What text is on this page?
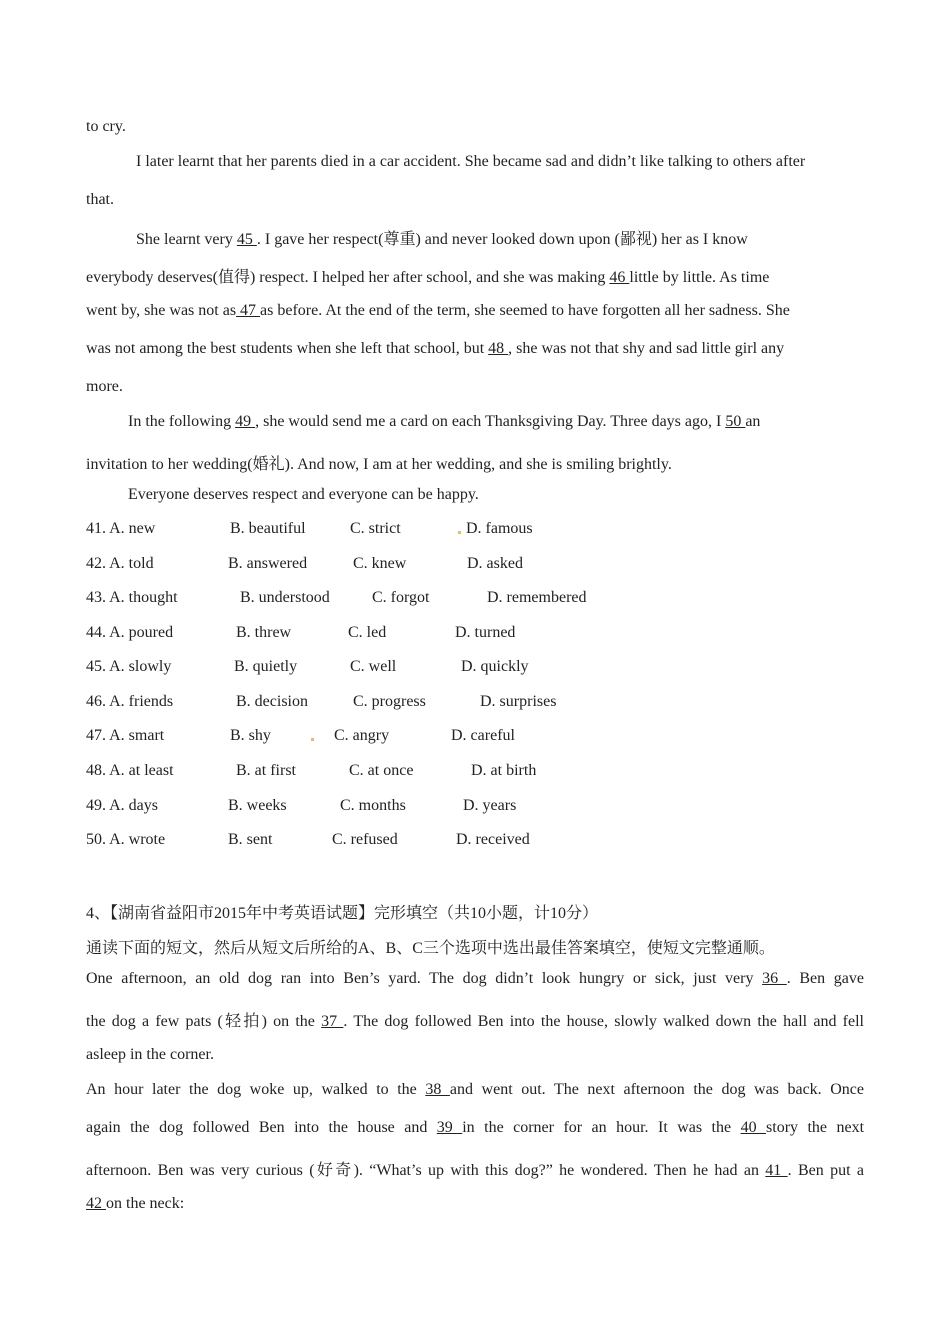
to cry.
I later learnt that her parents died in a car accident. She became sad and didn’t like talking to others after
that.
She learnt very 45 . I gave her respect(尊重) and never looked down upon (鄙视) her as I know
everybody deserves(值得) respect. I helped her after school, and she was making 46 little by little. As time
went by, she was not as 47 as before. At the end of the term, she seemed to have forgotten all her sadness. She
was not among the best students when she left that school, but 48 , she was not that shy and sad little girl any
more.
In the following 49 , she would send me a card on each Thanksgiving Day. Three days ago, I 50 an
invitation to her wedding(婚礼). And now, I am at her wedding, and she is smiling brightly.
Everyone deserves respect and everyone can be happy.
41. A. new	B. beautiful	C. strict	D. famous
42. A. told	B. answered	C. knew	D. asked
43. A. thought	B. understood	C. forgot	D. remembered
44. A. poured	B. threw	C. led	D. turned
45. A. slowly	B. quietly	C. well	D. quickly
46. A. friends	B. decision	C. progress	D. surprises
47. A. smart	B. shy	C. angry	D. careful
48. A. at least	B. at first	C. at once	D. at birth
49. A. days	B. weeks	C. months	D. years
50. A. wrote	B. sent	C. refused	D. received
4、【湖南省益阳市2015年中考英语试题】完形填空（共10小题，计10分）
通读下面的短文，然后从短文后所给的A、B、C三个选项中选出最佳答案填空，使短文完整通顺。
One afternoon, an old dog ran into Ben’s yard. The dog didn’t look hungry or sick, just very 36 . Ben gave
the dog a few pats (轻拍) on the 37 . The dog followed Ben into the house, slowly walked down the hall and fell
asleep in the corner.
An hour later the dog woke up, walked to the 38 and went out. The next afternoon the dog was back. Once
again the dog followed Ben into the house and 39 in the corner for an hour. It was the 40 story the next
afternoon. Ben was very curious (好奇). “What’s up with this dog?” he wondered. Then he had an 41 . Ben put a
42 on the neck:
